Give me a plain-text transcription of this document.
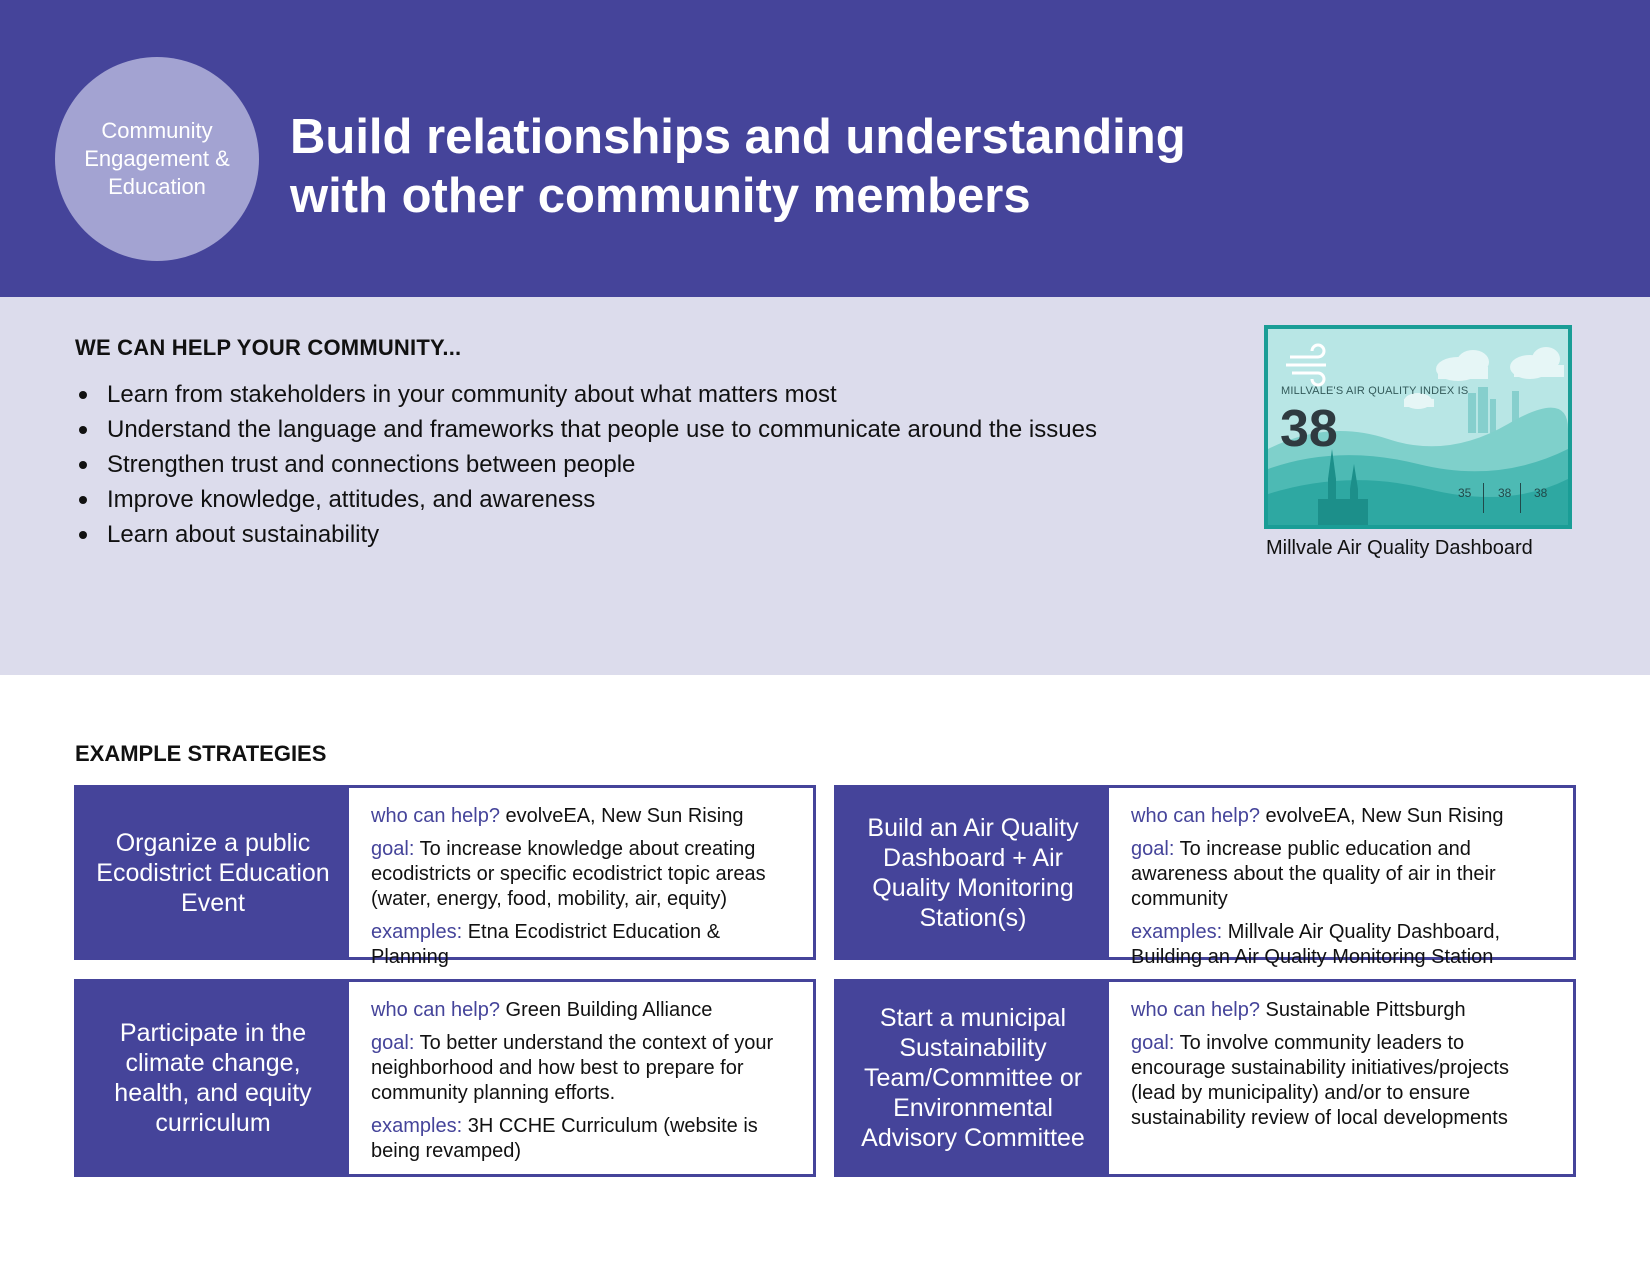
Community Engagement & Education
Build relationships and understanding with other community members
WE CAN HELP YOUR COMMUNITY...
Learn from stakeholders in your community about what matters most
Understand the language and frameworks that people use to communicate around the issues
Strengthen trust and connections between people
Improve knowledge, attitudes, and awareness
Learn about sustainability
MILLVALE'S AIR QUALITY INDEX IS
38
35 38 38
Millvale Air Quality Dashboard
EXAMPLE STRATEGIES
Organize a public Ecodistrict Education Event

who can help? evolveEA, New Sun Rising

goal: To increase knowledge about creating ecodistricts or specific ecodistrict topic areas (water, energy, food, mobility, air, equity)

examples: Etna Ecodistrict Education & Planning

Build an Air Quality Dashboard + Air Quality Monitoring Station(s)

who can help? evolveEA, New Sun Rising

goal: To increase public education and awareness about the quality of air in their community

examples: Millvale Air Quality Dashboard, Building an Air Quality Monitoring Station

Participate in the climate change, health, and equity curriculum

who can help? Green Building Alliance

goal: To better understand the context of your neighborhood and how best to prepare for community planning efforts.

examples: 3H CCHE Curriculum (website is being revamped)

Start a municipal Sustainability Team/Committee or Environmental Advisory Committee

who can help? Sustainable Pittsburgh

goal: To involve community leaders to encourage sustainability initiatives/projects (lead by municipality) and/or to ensure sustainability review of local developments
